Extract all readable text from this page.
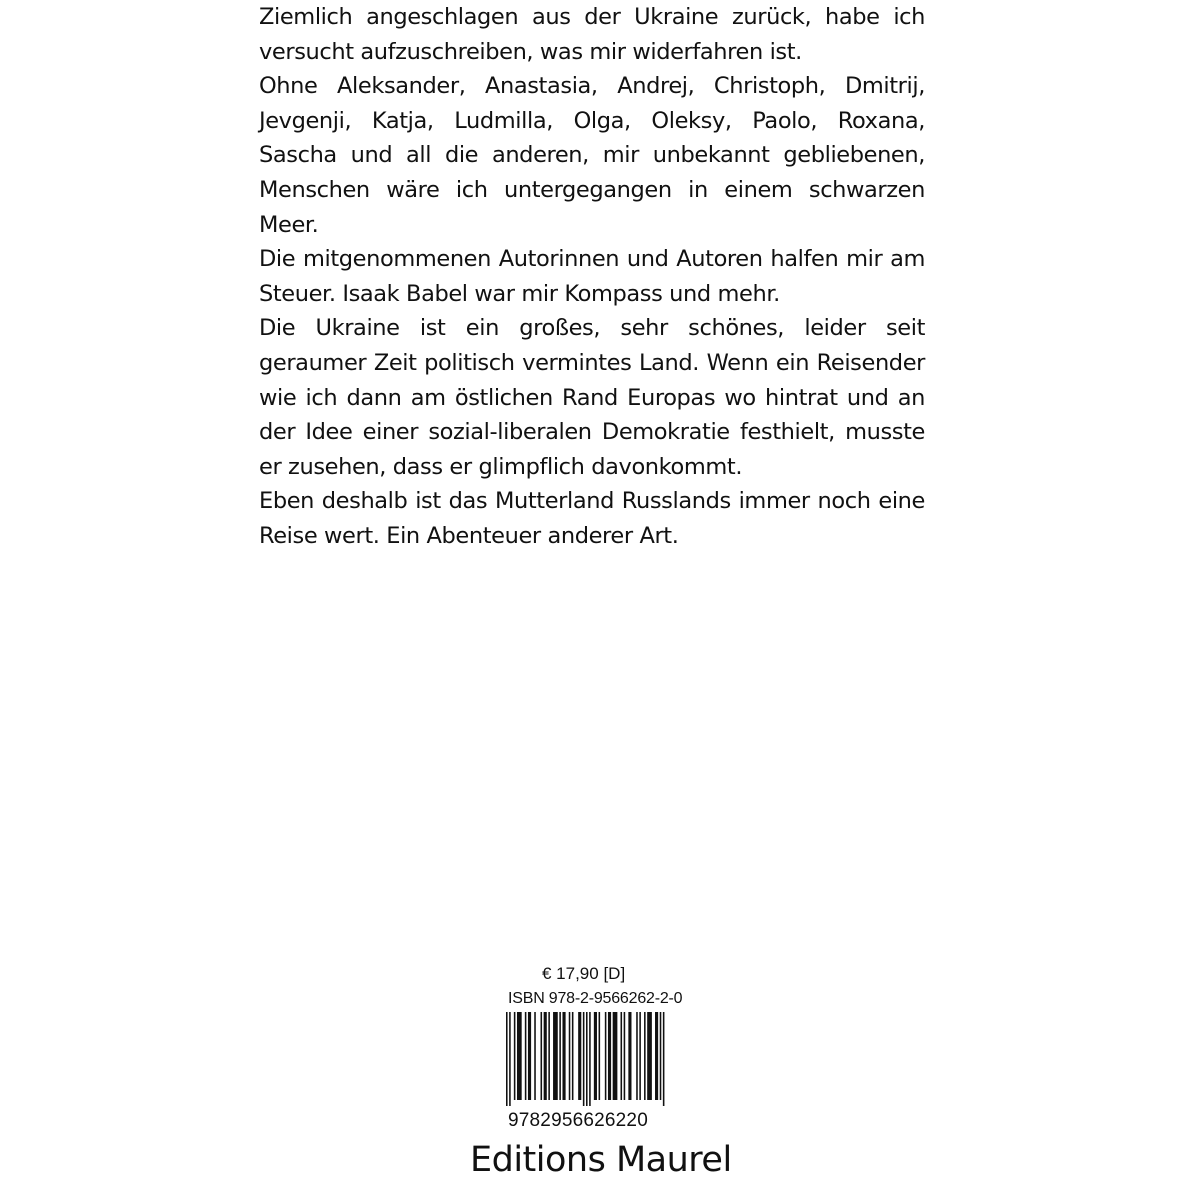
Ziemlich angeschlagen aus der Ukraine zurück, habe ich versucht aufzuschreiben, was mir widerfahren ist.

Ohne Aleksander, Anastasia, Andrej, Christoph, Dmitrij, Jevgenji, Katja, Ludmilla, Olga, Oleksy, Paolo, Roxana, Sascha und all die anderen, mir unbekannt gebliebenen, Menschen wäre ich untergegangen in einem schwarzen Meer.

Die mitgenommenen Autorinnen und Autoren halfen mir am Steuer. Isaak Babel war mir Kompass und mehr.

Die Ukraine ist ein großes, sehr schönes, leider seit geraumer Zeit politisch vermintes Land. Wenn ein Reisender wie ich dann am östlichen Rand Europas wo hintrat und an der Idee einer sozial-liberalen Demokratie festhielt, musste er zusehen, dass er glimpflich davonkommt.

Eben deshalb ist das Mutterland Russlands immer noch eine Reise wert. Ein Abenteuer anderer Art.

€ 17,90 [D]
ISBN 978-2-9566262-2-0
9782956626220
Editions Maurel
